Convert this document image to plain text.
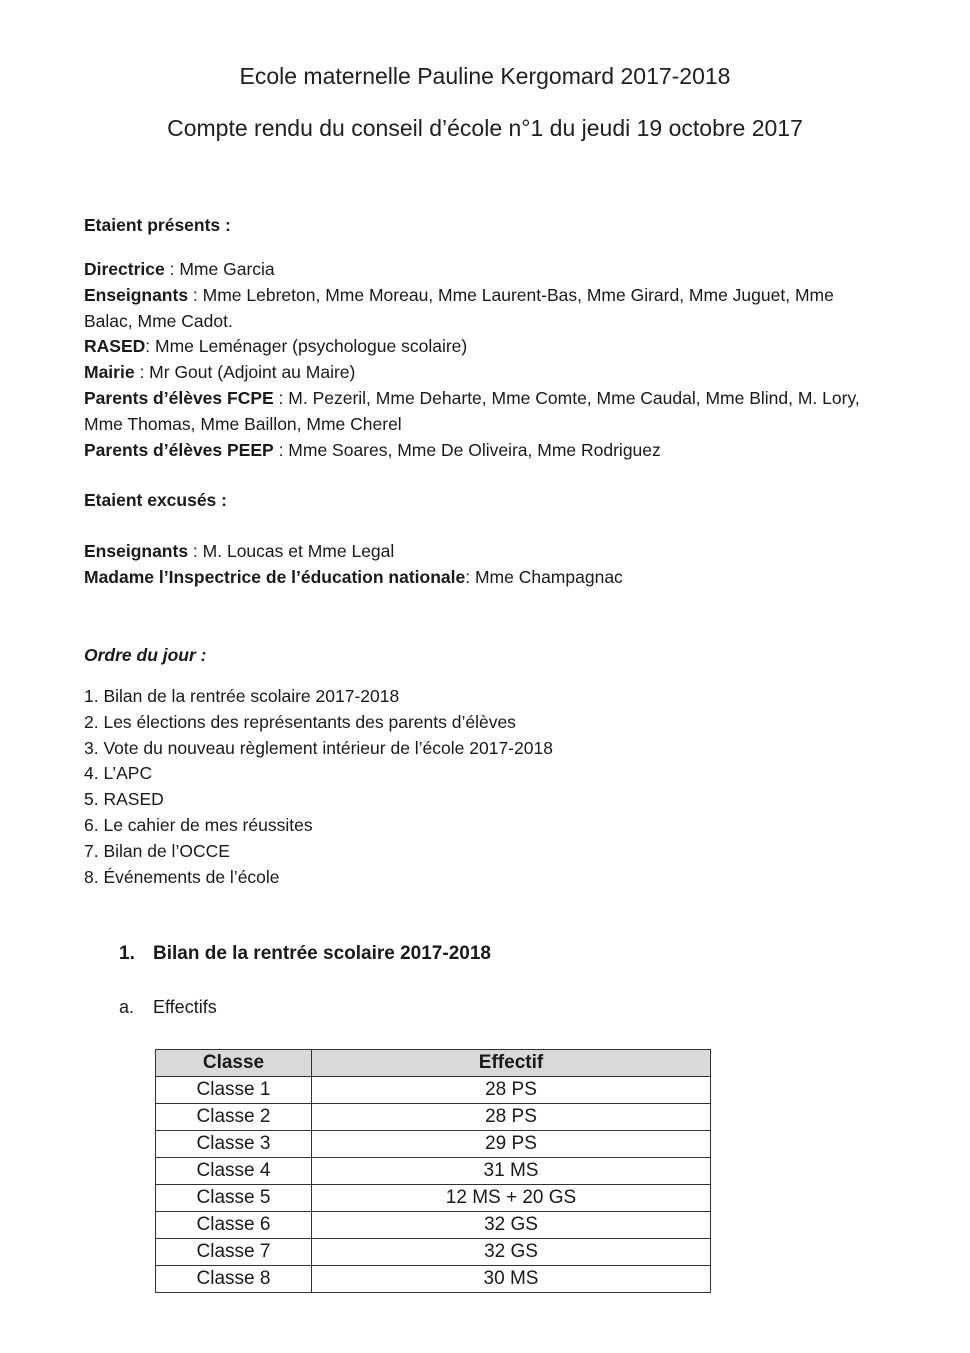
Ecole maternelle Pauline Kergomard 2017-2018
Compte rendu du conseil d’école n°1 du jeudi 19 octobre 2017
Etaient présents :
Directrice : Mme Garcia
Enseignants : Mme Lebreton, Mme Moreau, Mme Laurent-Bas, Mme Girard, Mme Juguet, Mme
Balac, Mme Cadot.
RASED: Mme Leménager (psychologue scolaire)
Mairie : Mr Gout (Adjoint au Maire)
Parents d’élèves FCPE : M. Pezeril, Mme Deharte, Mme Comte, Mme Caudal, Mme Blind, M. Lory,
Mme Thomas, Mme Baillon, Mme Cherel
Parents d’élèves PEEP : Mme Soares, Mme De Oliveira, Mme Rodriguez
Etaient excusés :
Enseignants : M. Loucas et Mme Legal
Madame l’Inspectrice de l’éducation nationale: Mme Champagnac
Ordre du jour :
1. Bilan de la rentrée scolaire 2017-2018
2. Les élections des représentants des parents d’élèves
3. Vote du nouveau règlement intérieur de l’école 2017-2018
4. L’APC
5. RASED
6. Le cahier de mes réussites
7. Bilan de l’OCCE
8. Événements de l’école
1. Bilan de la rentrée scolaire 2017-2018
a. Effectifs
Classe	Effectif
Classe 1	28 PS
Classe 2	28 PS
Classe 3	29 PS
Classe 4	31 MS
Classe 5	12 MS + 20 GS
Classe 6	32 GS
Classe 7	32 GS
Classe 8	30 MS
